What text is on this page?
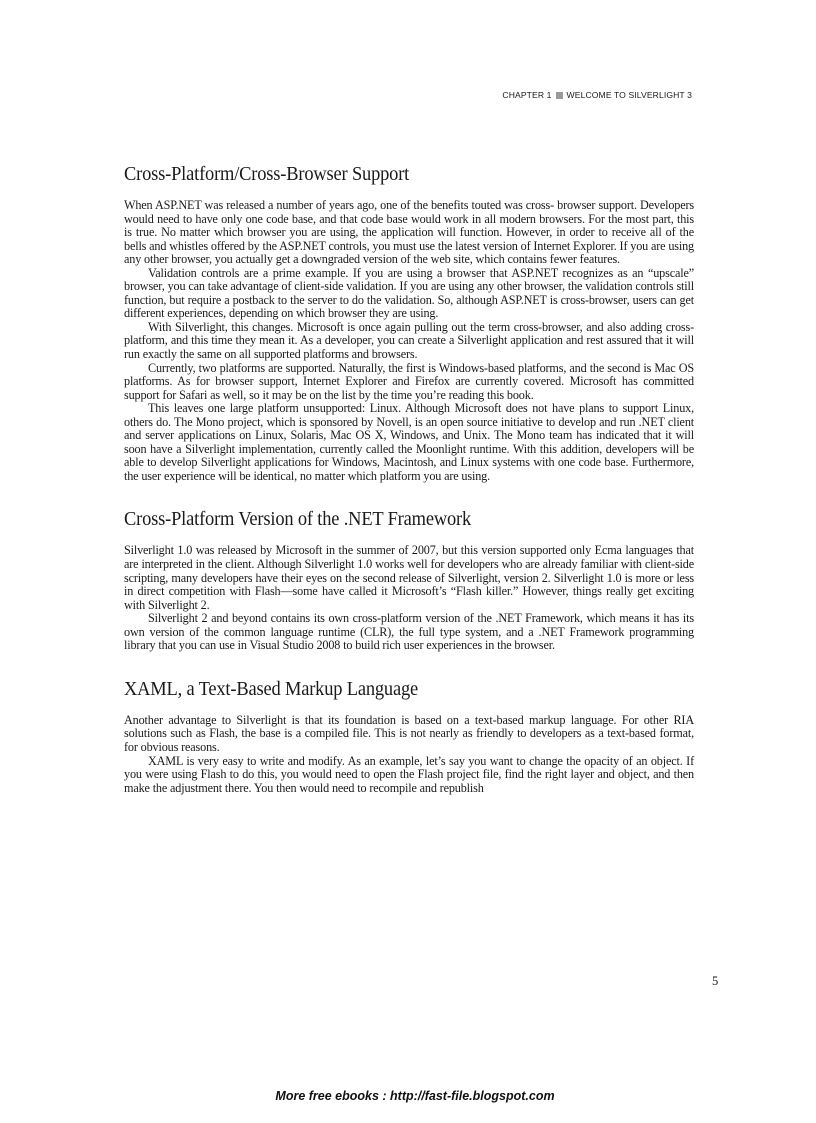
CHAPTER 1 WELCOME TO SILVERLIGHT 3
Cross-Platform/Cross-Browser Support

When ASP.NET was released a number of years ago, one of the benefits touted was cross- browser support. Developers would need to have only one code base, and that code base would work in all modern browsers. For the most part, this is true. No matter which browser you are using, the application will function. However, in order to receive all of the bells and whistles offered by the ASP.NET controls, you must use the latest version of Internet Explorer. If you are using any other browser, you actually get a downgraded version of the web site, which contains fewer features.

Validation controls are a prime example. If you are using a browser that ASP.NET recognizes as an “upscale” browser, you can take advantage of client-side validation. If you are using any other browser, the validation controls still function, but require a postback to the server to do the validation. So, although ASP.NET is cross-browser, users can get different experiences, depending on which browser they are using.

With Silverlight, this changes. Microsoft is once again pulling out the term cross-browser, and also adding cross-platform, and this time they mean it. As a developer, you can create a Silverlight application and rest assured that it will run exactly the same on all supported platforms and browsers.

Currently, two platforms are supported. Naturally, the first is Windows-based platforms, and the second is Mac OS platforms. As for browser support, Internet Explorer and Firefox are currently covered. Microsoft has committed support for Safari as well, so it may be on the list by the time you’re reading this book.

This leaves one large platform unsupported: Linux. Although Microsoft does not have plans to support Linux, others do. The Mono project, which is sponsored by Novell, is an open source initiative to develop and run .NET client and server applications on Linux, Solaris, Mac OS X, Windows, and Unix. The Mono team has indicated that it will soon have a Silverlight implementation, currently called the Moonlight runtime. With this addition, developers will be able to develop Silverlight applications for Windows, Macintosh, and Linux systems with one code base. Furthermore, the user experience will be identical, no matter which platform you are using.

Cross-Platform Version of the .NET Framework

Silverlight 1.0 was released by Microsoft in the summer of 2007, but this version supported only Ecma languages that are interpreted in the client. Although Silverlight 1.0 works well for developers who are already familiar with client-side scripting, many developers have their eyes on the second release of Silverlight, version 2. Silverlight 1.0 is more or less in direct competition with Flash—some have called it Microsoft’s “Flash killer.” However, things really get exciting with Silverlight 2.

Silverlight 2 and beyond contains its own cross-platform version of the .NET Framework, which means it has its own version of the common language runtime (CLR), the full type system, and a .NET Framework programming library that you can use in Visual Studio 2008 to build rich user experiences in the browser.

XAML, a Text-Based Markup Language

Another advantage to Silverlight is that its foundation is based on a text-based markup language. For other RIA solutions such as Flash, the base is a compiled file. This is not nearly as friendly to developers as a text-based format, for obvious reasons.

XAML is very easy to write and modify. As an example, let’s say you want to change the opacity of an object. If you were using Flash to do this, you would need to open the Flash project file, find the right layer and object, and then make the adjustment there. You then would need to recompile and republish

5
More free ebooks : http://fast-file.blogspot.com
